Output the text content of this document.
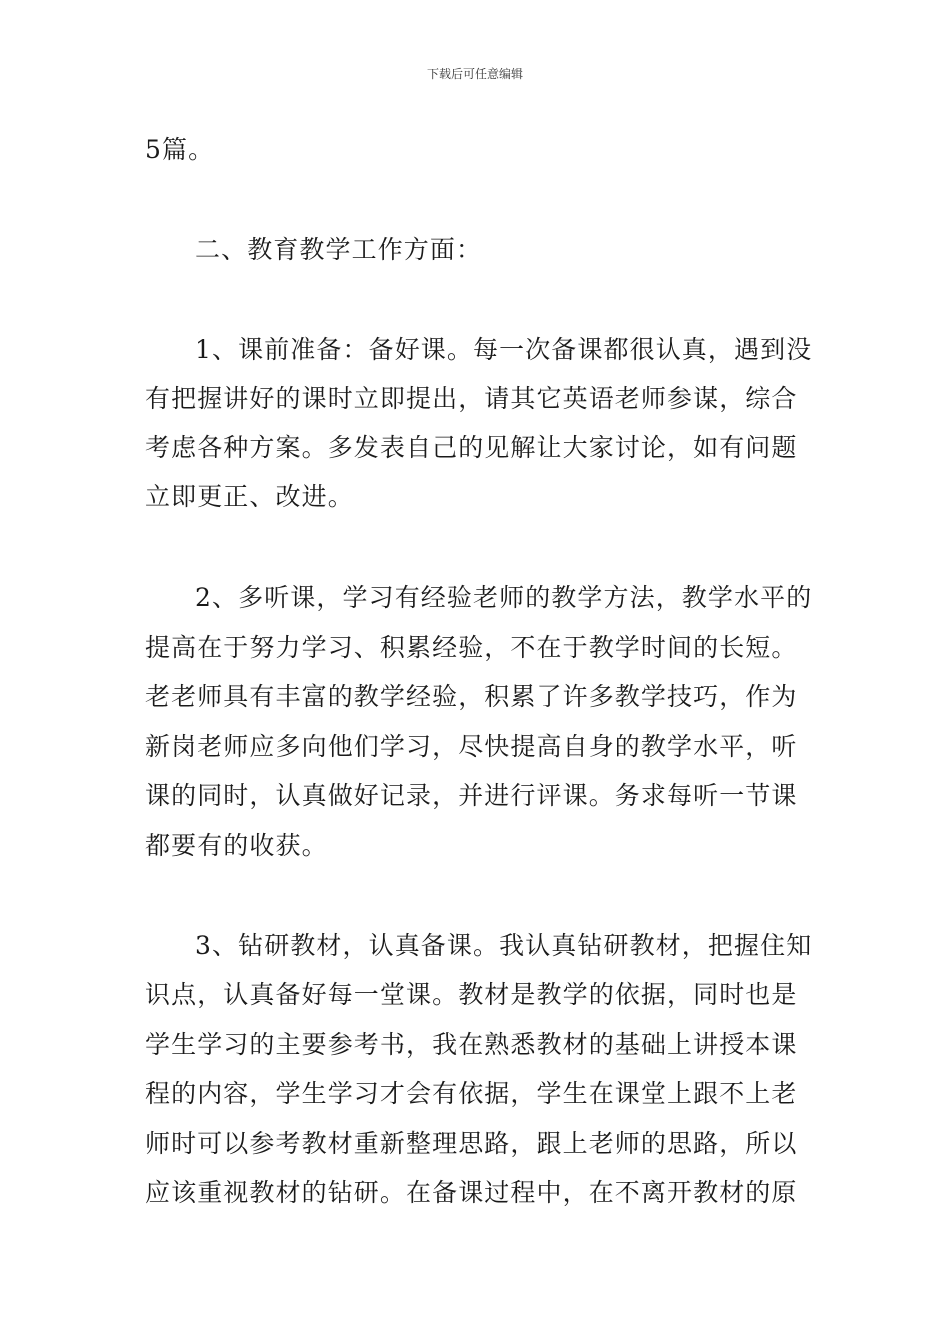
下载后可任意编辑
5篇。
二、教育教学工作方面：
1、课前准备：备好课。每一次备课都很认真，遇到没
有把握讲好的课时立即提出，请其它英语老师参谋，综合
考虑各种方案。多发表自己的见解让大家讨论，如有问题
立即更正、改进。
2、多听课，学习有经验老师的教学方法，教学水平的
提高在于努力学习、积累经验，不在于教学时间的长短。
老老师具有丰富的教学经验，积累了许多教学技巧，作为
新岗老师应多向他们学习，尽快提高自身的教学水平，听
课的同时，认真做好记录，并进行评课。务求每听一节课
都要有的收获。
3、钻研教材，认真备课。我认真钻研教材，把握住知
识点，认真备好每一堂课。教材是教学的依据，同时也是
学生学习的主要参考书，我在熟悉教材的基础上讲授本课
程的内容，学生学习才会有依据，学生在课堂上跟不上老
师时可以参考教材重新整理思路，跟上老师的思路，所以
应该重视教材的钻研。在备课过程中，在不离开教材的原
